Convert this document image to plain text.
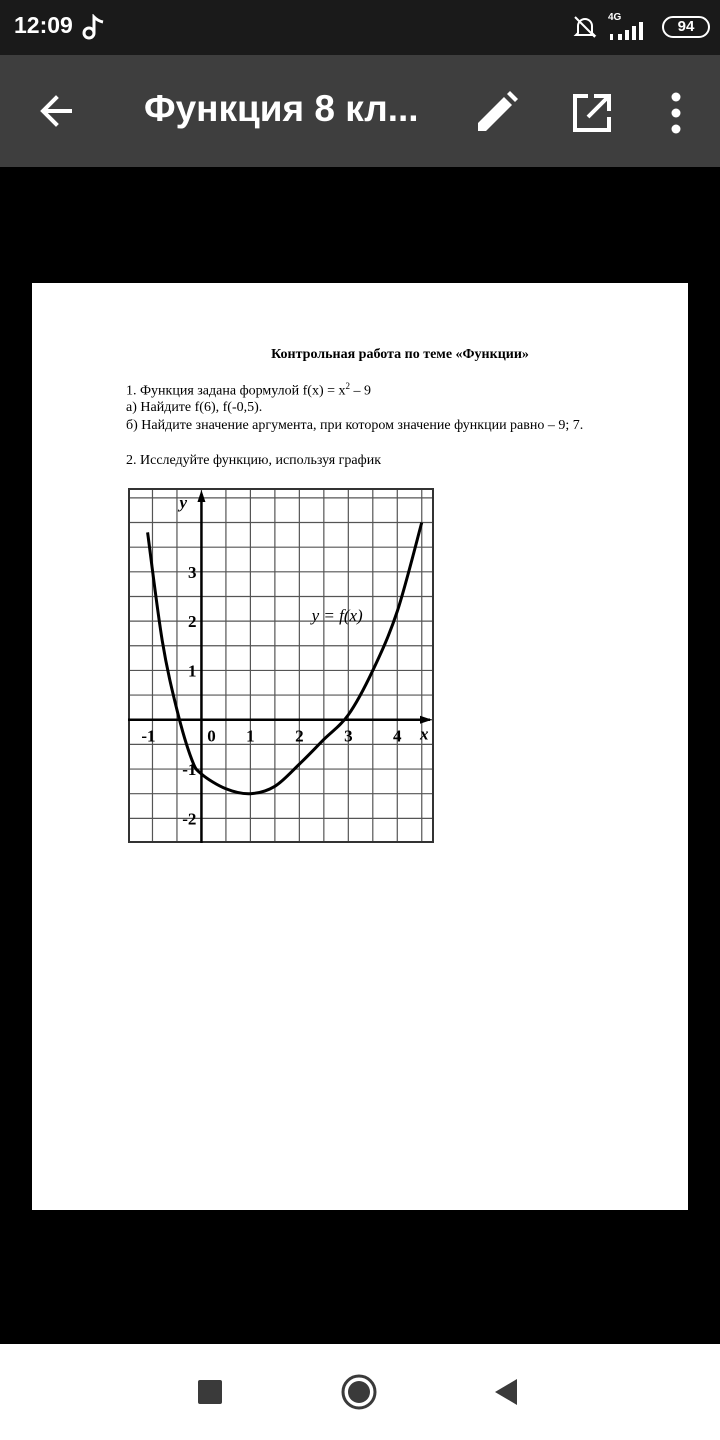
12:09	4G
94
Функция 8 кл...
Контрольная работа по теме «Функции»
1. Функция задана формулой $f(x) = x^2 - 9$
а) Найдите f(6), f(-0,5).
б) Найдите значение аргумента, при котором значение функции равно – 9; 7.
2. Исследуйте функцию, используя график
-1	0 1 2 3 4
3
2
1
-1
-2
y = f(x)
y
x
